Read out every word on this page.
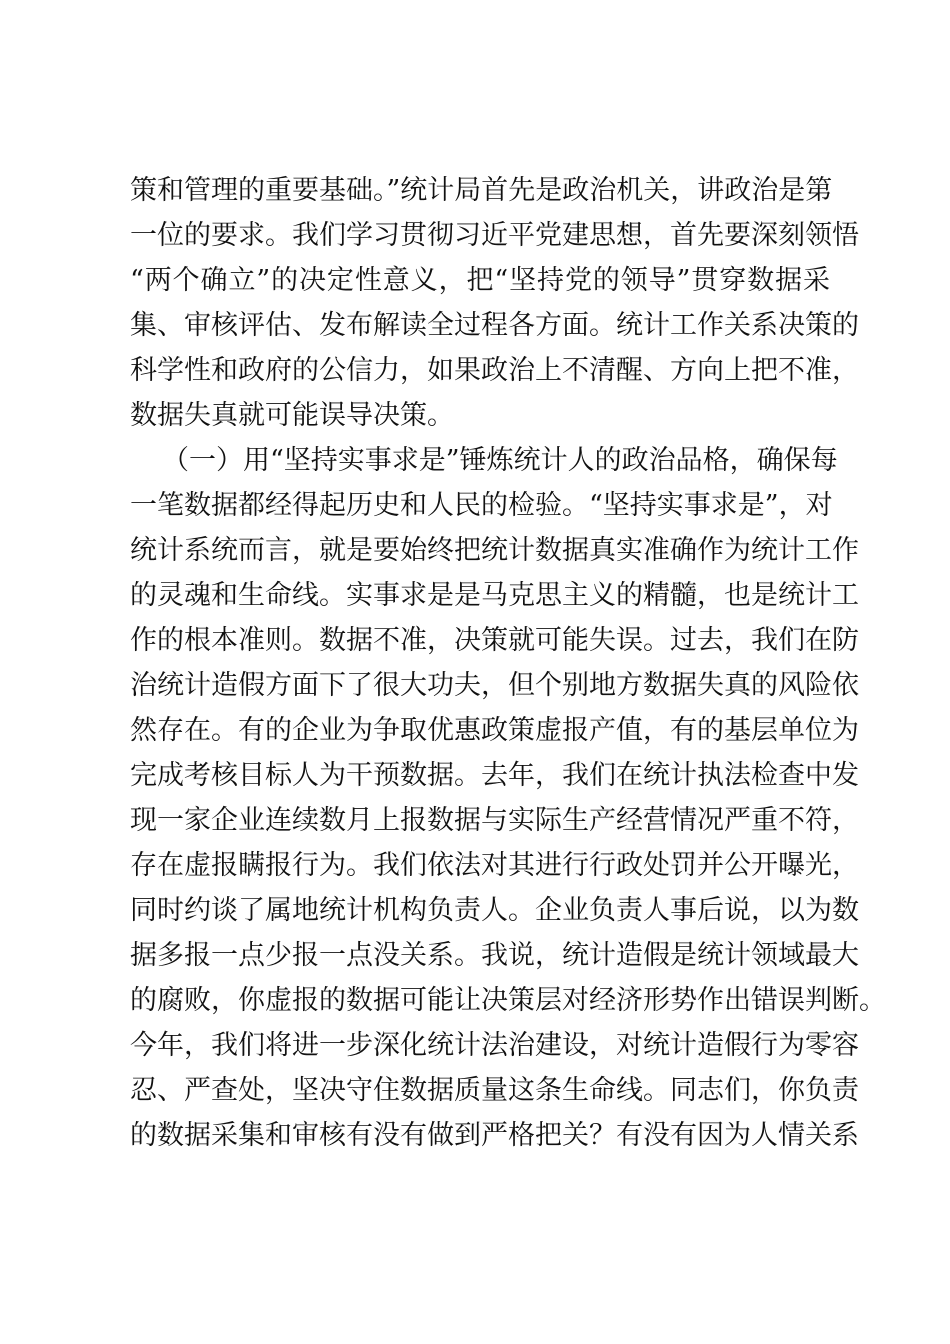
策和管理的重要基础。”统计局首先是政治机关，讲政治是第
一位的要求。我们学习贯彻习近平党建思想，首先要深刻领悟
“两个确立”的决定性意义，把“坚持党的领导”贯穿数据采
集、审核评估、发布解读全过程各方面。统计工作关系决策的
科学性和政府的公信力，如果政治上不清醒、方向上把不准，
数据失真就可能误导决策。
（一）用“坚持实事求是”锤炼统计人的政治品格，确保每
一笔数据都经得起历史和人民的检验。“坚持实事求是”，对
统计系统而言，就是要始终把统计数据真实准确作为统计工作
的灵魂和生命线。实事求是是马克思主义的精髓，也是统计工
作的根本准则。数据不准，决策就可能失误。过去，我们在防
治统计造假方面下了很大功夫，但个别地方数据失真的风险依
然存在。有的企业为争取优惠政策虚报产值，有的基层单位为
完成考核目标人为干预数据。去年，我们在统计执法检查中发
现一家企业连续数月上报数据与实际生产经营情况严重不符，
存在虚报瞒报行为。我们依法对其进行行政处罚并公开曝光，
同时约谈了属地统计机构负责人。企业负责人事后说，以为数
据多报一点少报一点没关系。我说，统计造假是统计领域最大
的腐败，你虚报的数据可能让决策层对经济形势作出错误判断。
今年，我们将进一步深化统计法治建设，对统计造假行为零容
忍、严查处，坚决守住数据质量这条生命线。同志们，你负责
的数据采集和审核有没有做到严格把关？有没有因为人情关系
